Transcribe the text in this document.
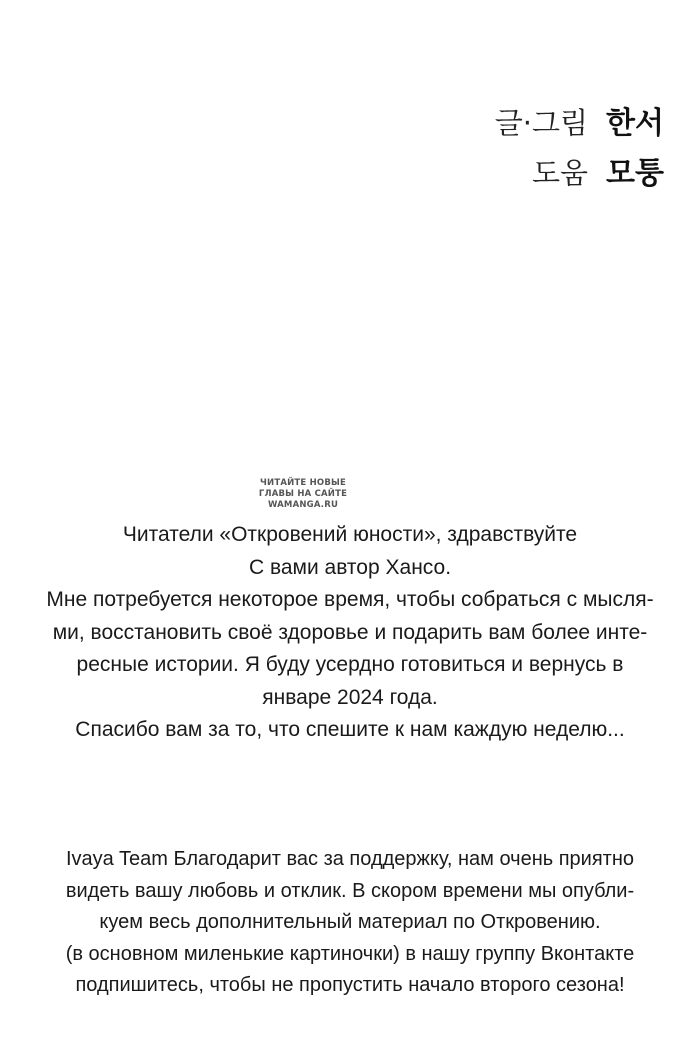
글·그림 한서
도움 모퉁
ЧИТАЙТЕ НОВЫЕ
ГЛАВЫ НА САЙТЕ
WAMANGA.RU
Читатели «Откровений юности», здравствуйте
С вами автор Хансо.
Мне потребуется некоторое время, чтобы собраться с мысля-
ми, восстановить своё здоровье и подарить вам более инте-
ресные истории. Я буду усердно готовиться и вернусь в
январе 2024 года.
Спасибо вам за то, что спешите к нам каждую неделю...
Ivaya Team Благодарит вас за поддержку, нам очень приятно
видеть вашу любовь и отклик. В скором времени мы опубли-
куем весь дополнительный материал по Откровению.
(в основном миленькие картиночки) в нашу группу Вконтакте
подпишитесь, чтобы не пропустить начало второго сезона!
